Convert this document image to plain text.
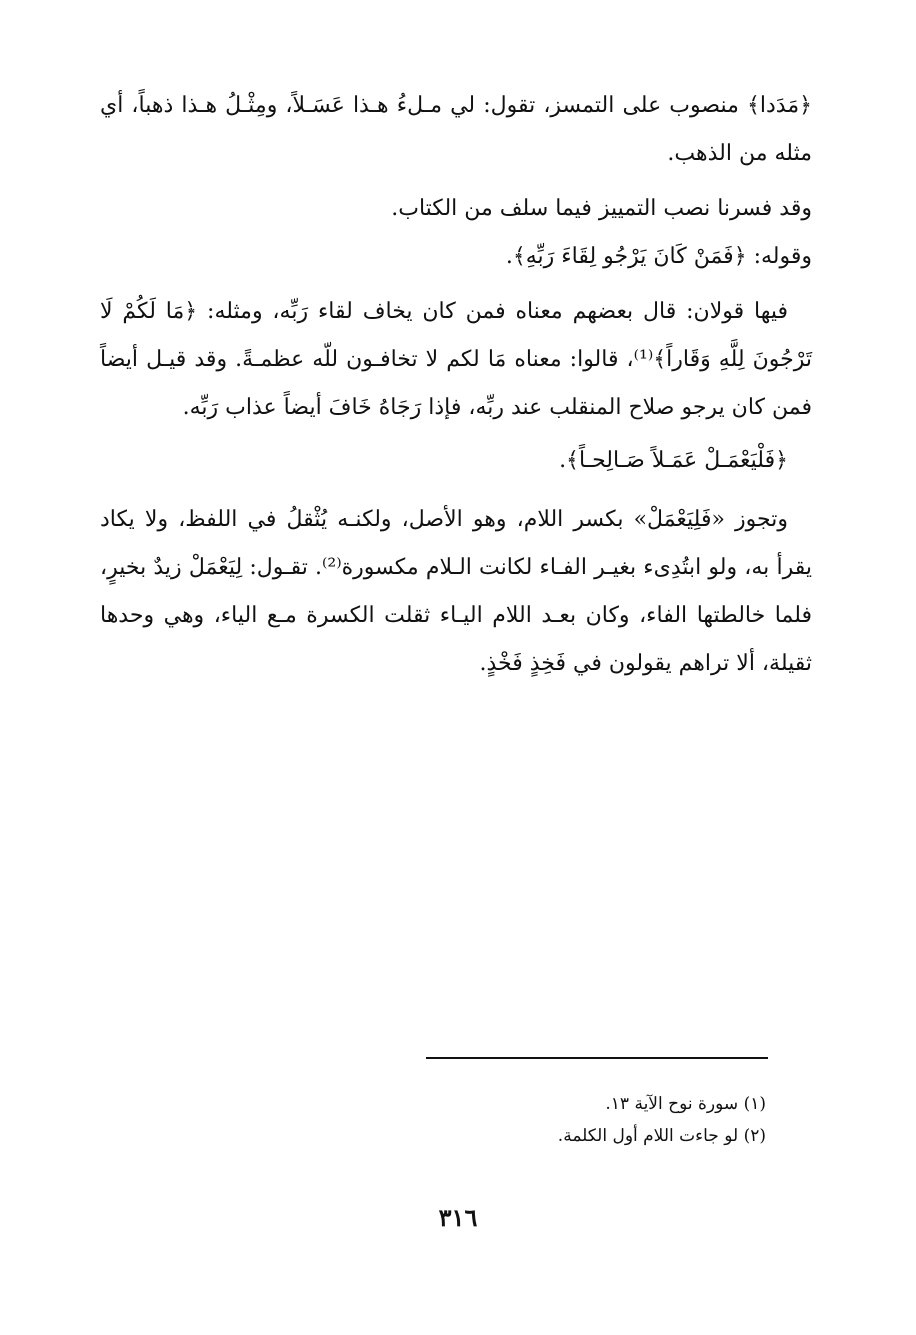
﴿مَدَدا﴾ منصوب على التمسز، تقول: لي مـلءُ هـذا عَسَـلاً، ومِثْـلُ هـذا ذهباً، أي مثله من الذهب.

وقد فسرنا نصب التمييز فيما سلف من الكتاب.

وقوله: ﴿فَمَنْ كَانَ يَرْجُو لِقَاءَ رَبِّهِ﴾.

فيها قولان: قال بعضهم معناه فمن كان يخاف لقاء رَبِّه، ومثله: ﴿مَا لَكُمْ لَا تَرْجُونَ لِلَّهِ وَقَاراً﴾⁽¹⁾، قالوا: معناه مَا لكم لا تخافـون للّه عظمـةً. وقد قيـل أيضاً فمن كان يرجو صلاح المنقلب عند ربِّه، فإذا رَجَاهُ خَافَ أيضاً عذاب رَبِّه.

﴿فَلْيَعْمَـلْ عَمَـلاً صَـالِحـاً﴾.

وتجوز «فَلِيَعْمَلْ» بكسر اللام، وهو الأصل، ولكنـه يُثْقلُ في اللفظ، ولا يكاد يقرأ به، ولو ابتُدِىء بغيـر الفـاء لكانت الـلام مكسورة⁽²⁾. تقـول: لِيَعْمَلْ زيدٌ بخيرٍ، فلما خالطتها الفاء، وكان بعـد اللام اليـاء ثقلت الكسرة مـع الياء، وهي وحدها ثقيلة، ألا تراهم يقولون في فَخِذٍ فَخْذٍ.

(١) سورة نوح الآية ١٣.

(٢) لو جاءت اللام أول الكلمة.

٣١٦
